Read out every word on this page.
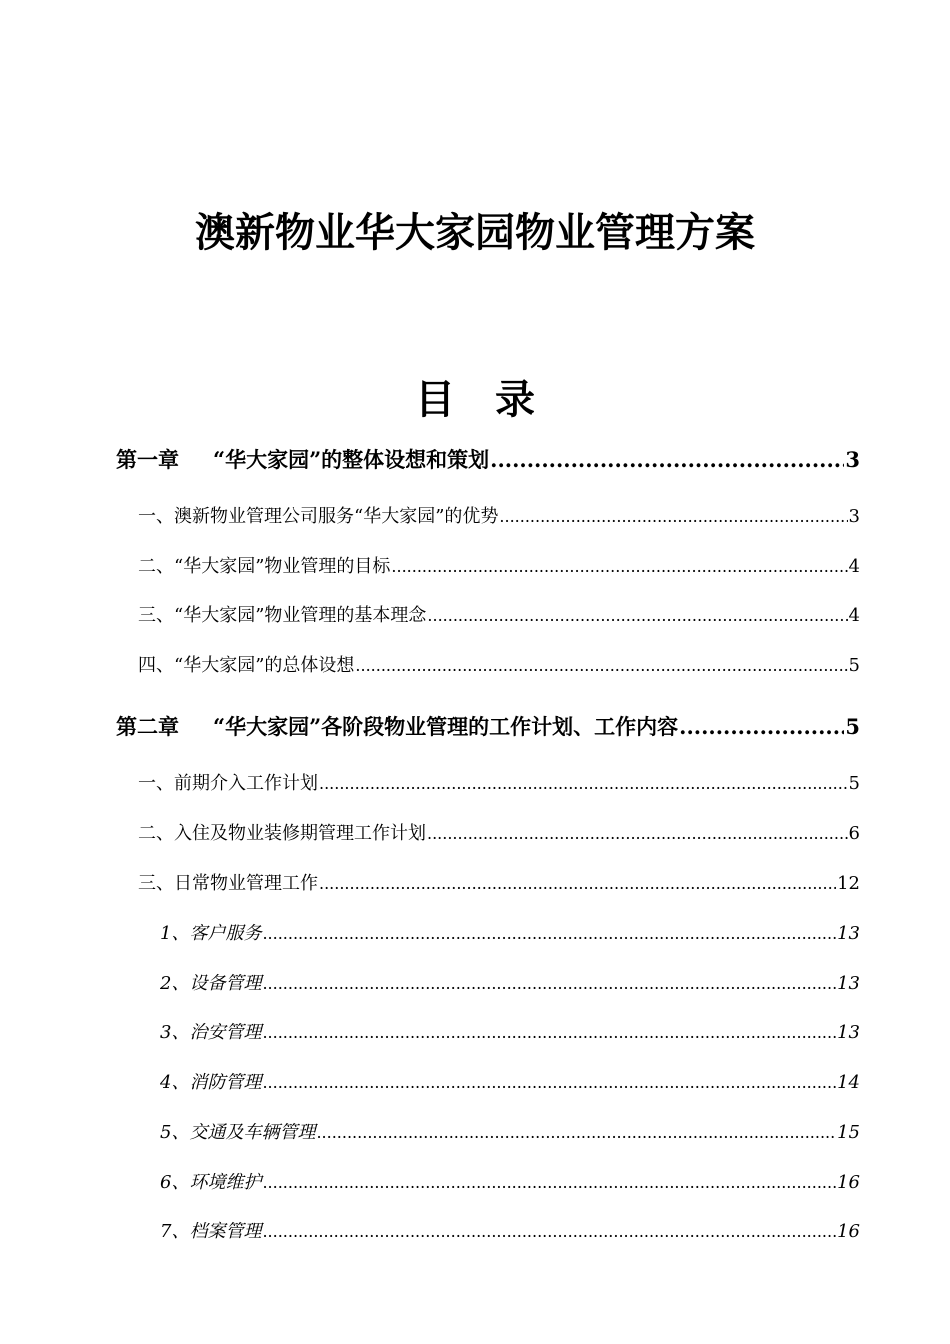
澳新物业华大家园物业管理方案
目 录
第一章 “华大家园”的整体设想和策划 .....	3
一、澳新物业管理公司服务“华大家园”的优势 .....	3
二、“华大家园”物业管理的目标 .....	4
三、“华大家园”物业管理的基本理念 .....	4
四、“华大家园”的总体设想 .....	5
第二章 “华大家园”各阶段物业管理的工作计划、工作内容 .....	5
一、前期介入工作计划 .....	5
二、入住及物业装修期管理工作计划 .....	6
三、日常物业管理工作 .....	12
1、客户服务 .....	13
2、设备管理 .....	13
3、治安管理 .....	13
4、消防管理 .....	14
5、交通及车辆管理 .....	15
6、环境维护 .....	16
7、档案管理 .....	16
